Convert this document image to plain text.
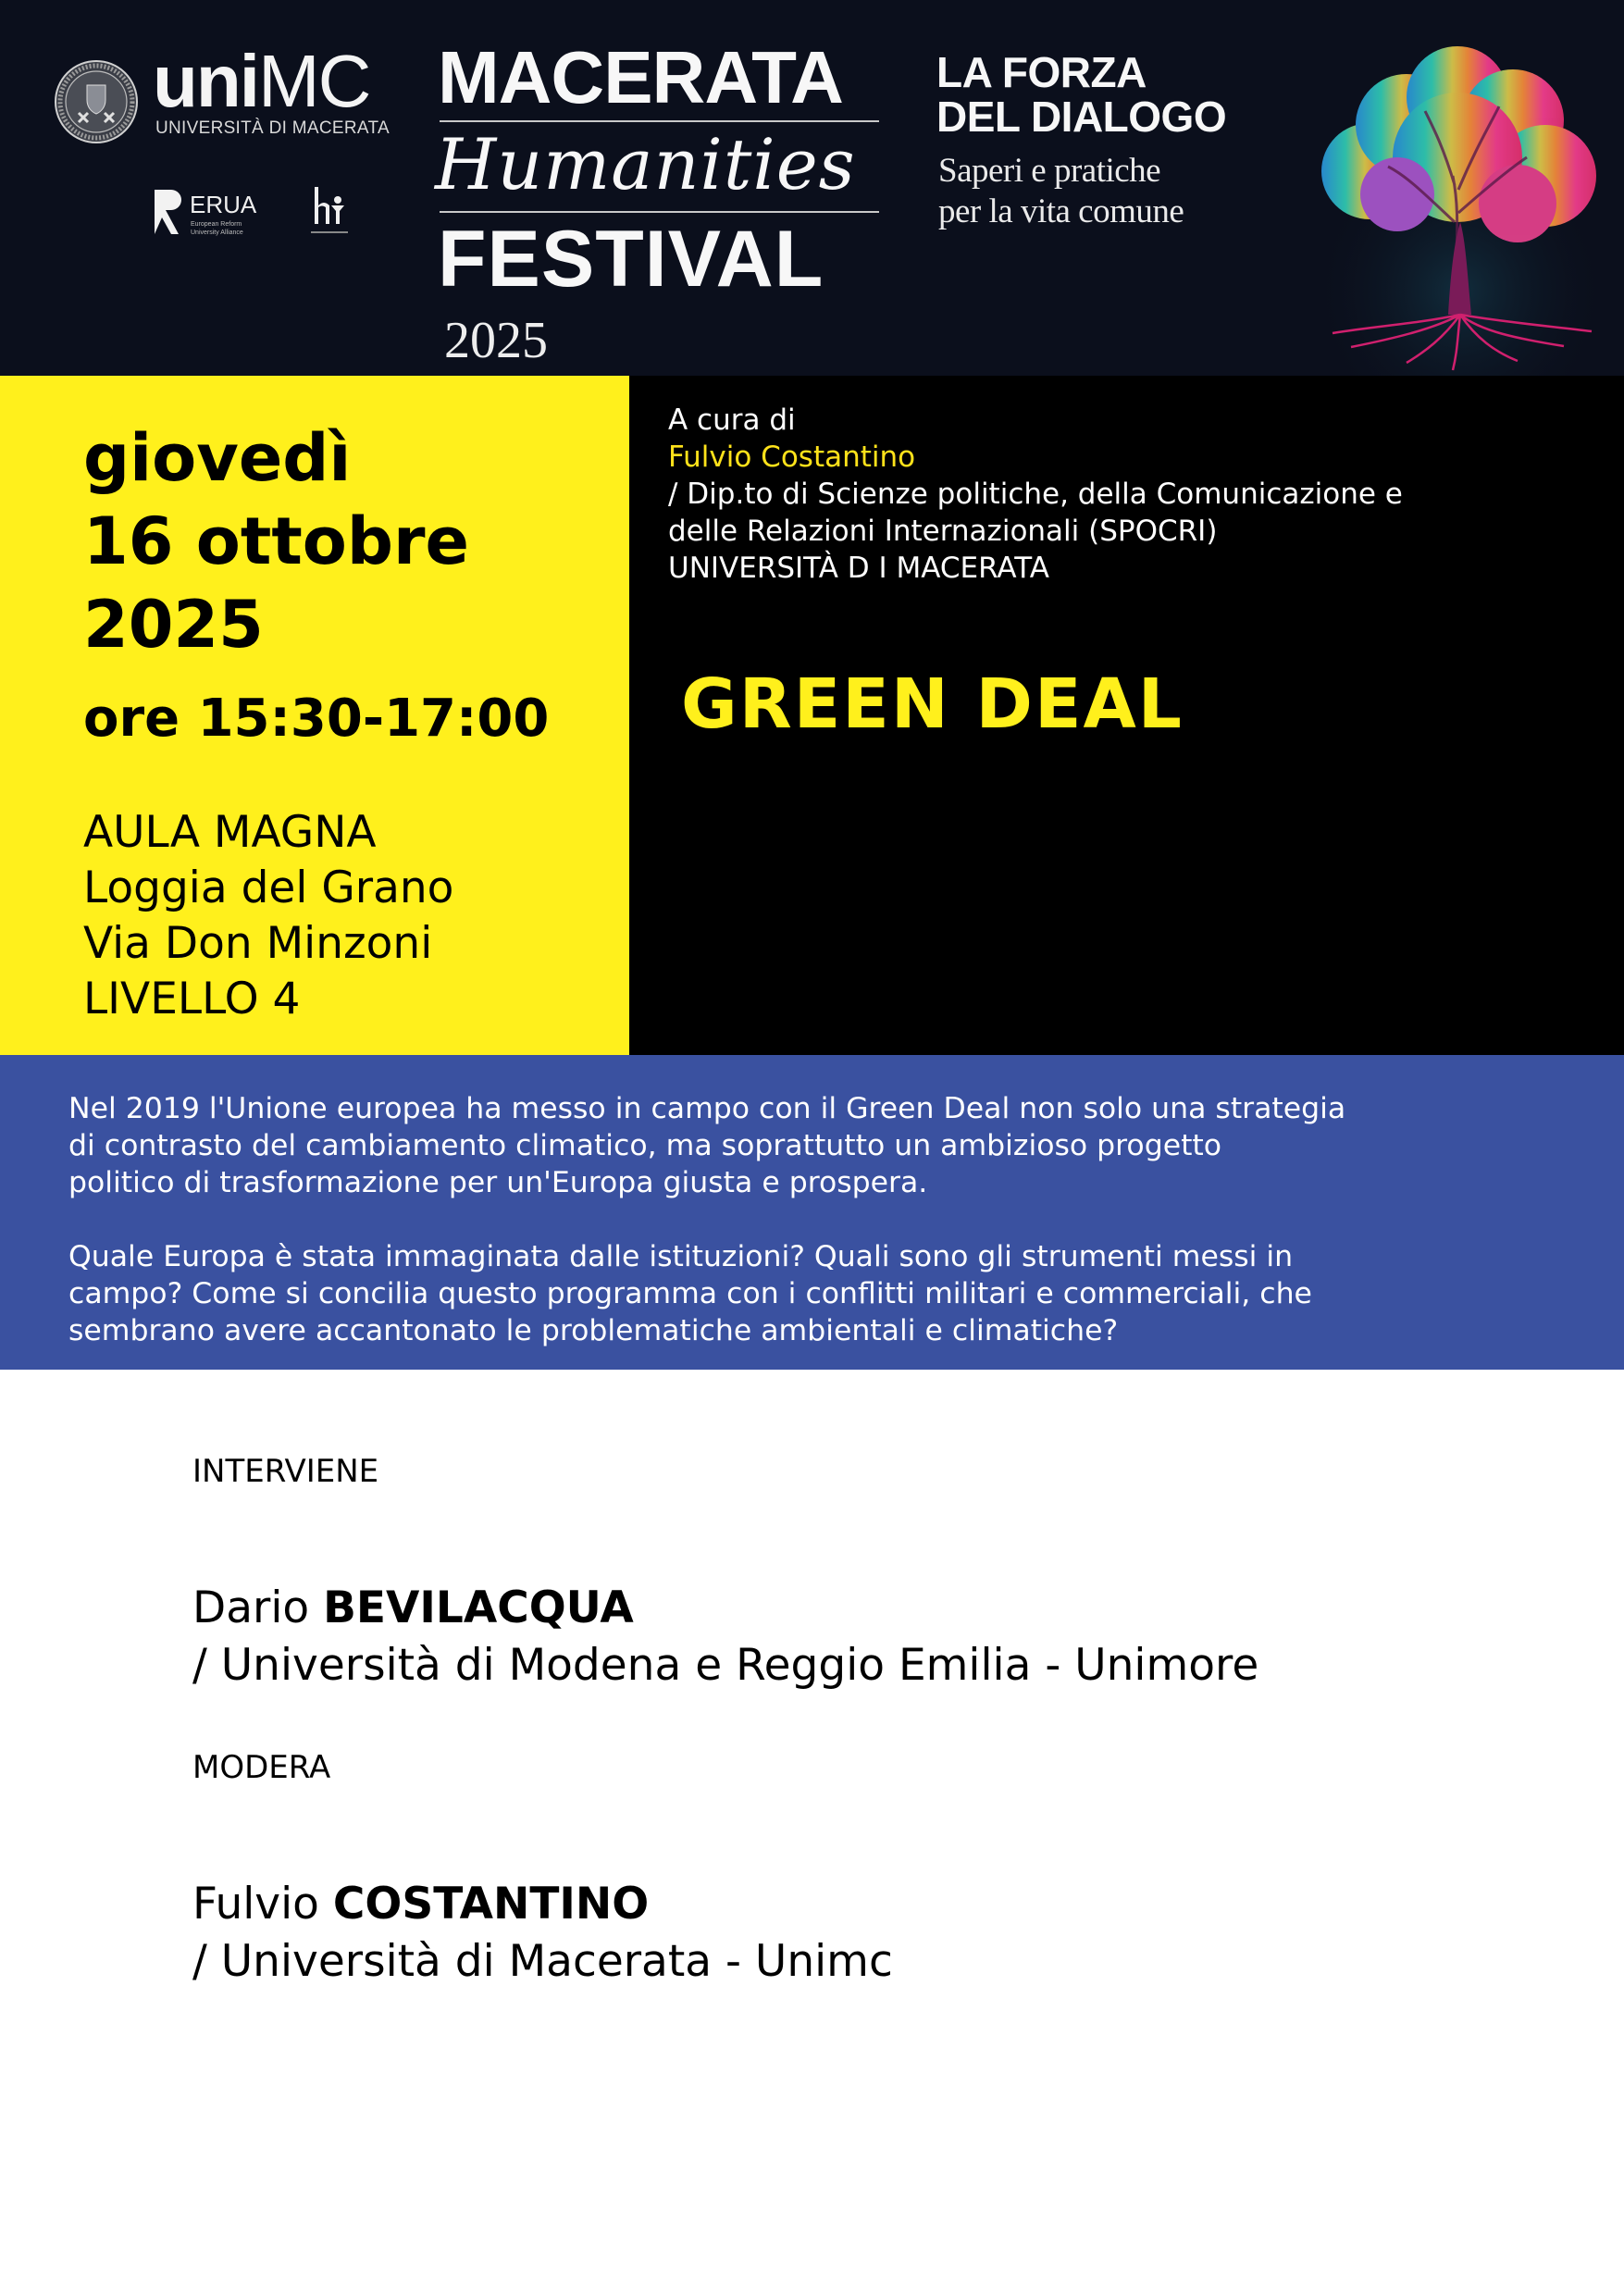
uniMC
UNIVERSITÀ DI MACERATA
ERUA
European Reform
University Alliance
MACERATA
Humanities
FESTIVAL
2025
LA FORZA
DEL DIALOGO
Saperi e pratiche
per la vita comune
giovedì
16 ottobre
2025
ore 15:30-17:00
AULA MAGNA
Loggia del Grano
Via Don Minzoni
LIVELLO 4
A cura di
Fulvio Costantino
/ Dip.to di Scienze politiche, della Comunicazione e
delle Relazioni Internazionali (SPOCRI)
UNIVERSITÀ D I MACERATA
GREEN DEAL
Nel 2019 l'Unione europea ha messo in campo con il Green Deal non solo una strategia
di contrasto del cambiamento climatico, ma soprattutto un ambizioso progetto
politico di trasformazione per un'Europa giusta e prospera.
Quale Europa è stata immaginata dalle istituzioni? Quali sono gli strumenti messi in
campo? Come si concilia questo programma con i conflitti militari e commerciali, che
sembrano avere accantonato le problematiche ambientali e climatiche?
INTERVIENE
Dario BEVILACQUA
/ Università di Modena e Reggio Emilia - Unimore
MODERA
Fulvio COSTANTINO
/ Università di Macerata - Unimc
